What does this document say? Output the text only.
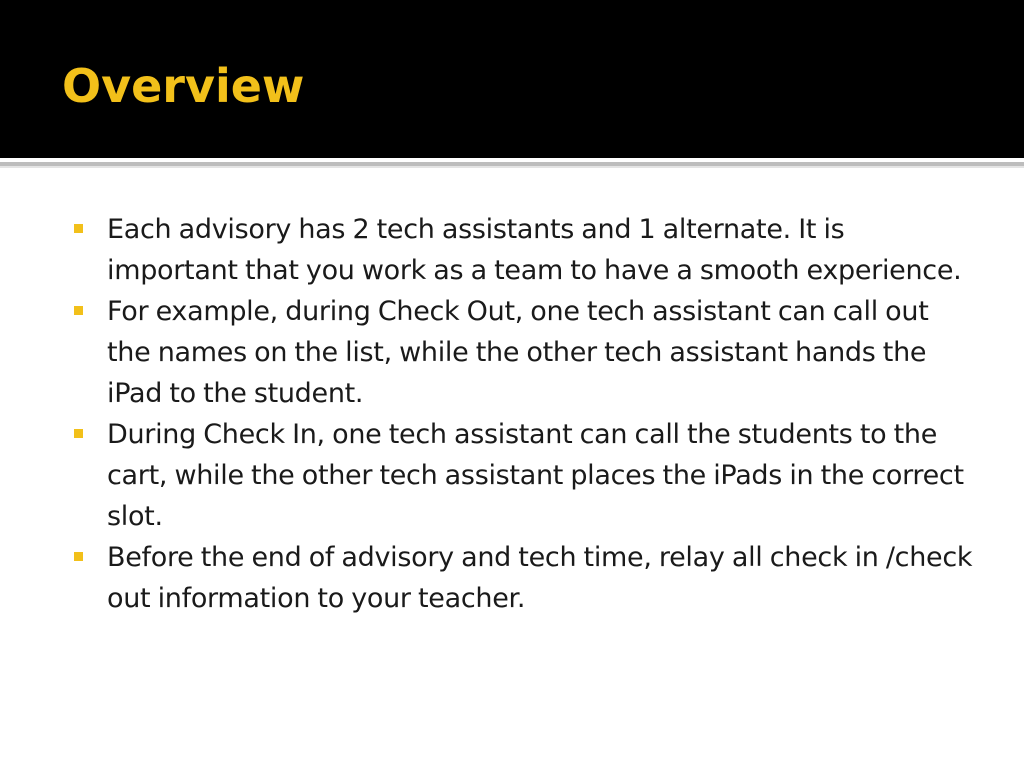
Overview
Each advisory has 2 tech assistants and 1 alternate. It is important that you work as a team to have a smooth experience.
For example, during Check Out, one tech assistant can call out the names on the list, while the other tech assistant hands the iPad to the student.
During Check In, one tech assistant can call the students to the cart, while the other tech assistant places the iPads in the correct slot.
Before the end of advisory and tech time, relay all check in /check out information to your teacher.
